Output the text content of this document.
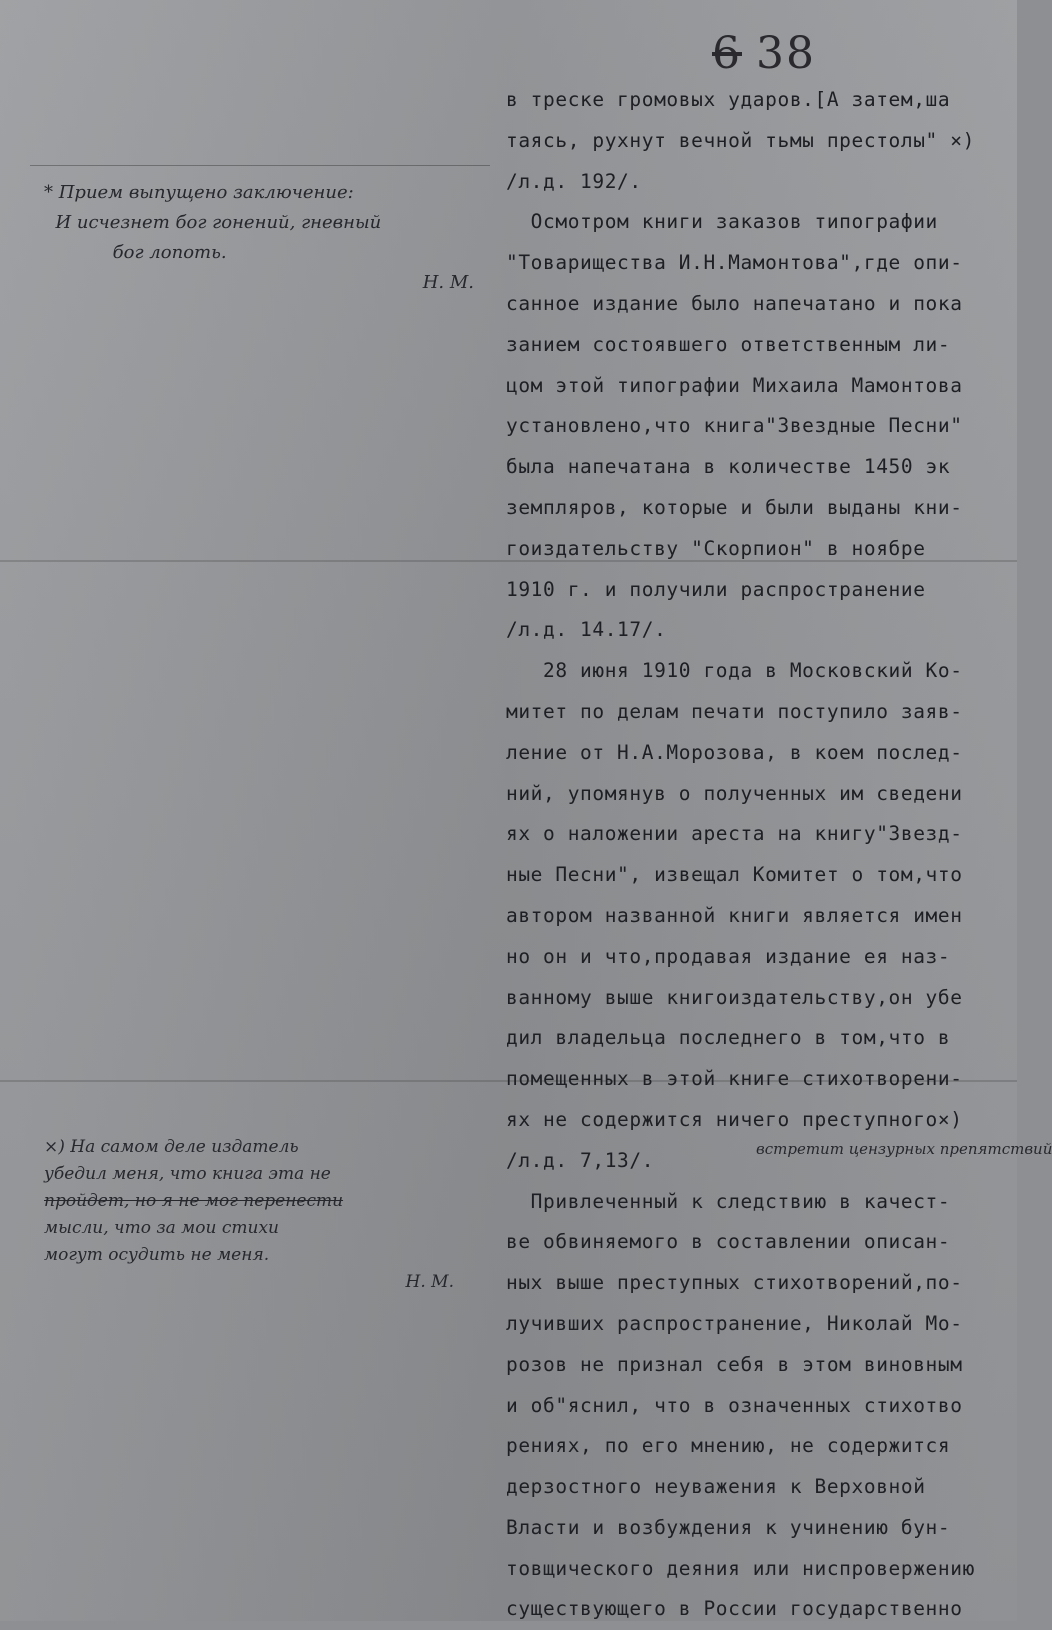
6 38
* Прием выпущено заключение:
И исчезнет бог гонений, гневный
бог лопоть.
Н. М.
×) На самом деле издатель
убедил меня, что книга эта не
пройдет, но я не мог перенести
мысли, что за мои стихи
могут осудить не меня.
Н. М.
встретит цензурных препятствий
в треске громовых ударов.[А затем,ша
таясь, рухнут вечной тьмы престолы" ×)
/л.д. 192/.
Осмотром книги заказов типографии
"Товарищества И.Н.Мамонтова",где опи-
санное издание было напечатано и пока
занием состоявшего ответственным ли-
цом этой типографии Михаила Мамонтова
установлено,что книга"Звездные Песни"
была напечатана в количестве 1450 эк
земпляров, которые и были выданы кни-
гоиздательству "Скорпион" в ноябре
1910 г. и получили распространение
/л.д. 14.17/.
28 июня 1910 года в Московский Ко-
митет по делам печати поступило заяв-
ление от Н.А.Морозова, в коем послед-
ний, упомянув о полученных им сведени
ях о наложении ареста на книгу"Звезд-
ные Песни", извещал Комитет о том,что
автором названной книги является имен
но он и что,продавая издание ея наз-
ванному выше книгоиздательству,он убе
дил владельца последнего в том,что в
помещенных в этой книге стихотворени-
ях не содержится ничего преступного×)
/л.д. 7,13/.
Привлеченный к следствию в качест-
ве обвиняемого в составлении описан-
ных выше преступных стихотворений,по-
лучивших распространение, Николай Мо-
розов не признал себя в этом виновным
и об"яснил, что в означенных стихотво
рениях, по его мнению, не содержится
дерзостного неуважения к Верховной
Власти и возбуждения к учинению бун-
товщического деяния или ниспровержению
существующего в России государственно
